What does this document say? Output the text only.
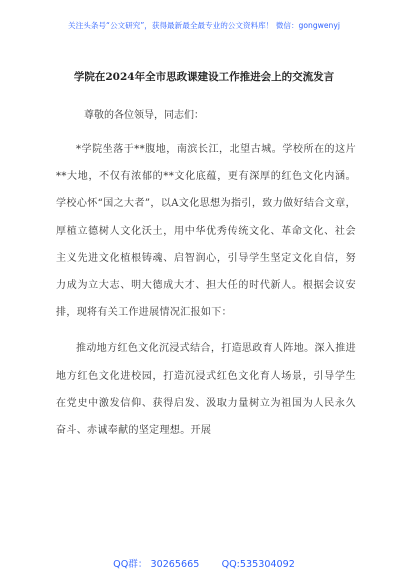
关注头条号“公文研究”，获得最新最全最专业的公文资料库！ 微信：gongwenyj
学院在2024年全市思政课建设工作推进会上的交流发言
尊敬的各位领导，同志们：

*学院坐落于**腹地，南滨长江，北望古城。学校所在的这片**大地，不仅有浓郁的**文化底蕴，更有深厚的红色文化内涵。学校心怀“国之大者”，以A文化思想为指引，致力做好结合文章，厚植立德树人文化沃土，用中华优秀传统文化、革命文化、社会主义先进文化植根铸魂、启智润心，引导学生坚定文化自信，努力成为立大志、明大德成大才、担大任的时代新人。根据会议安排，现将有关工作进展情况汇报如下：

推动地方红色文化沉浸式结合，打造思政育人阵地。深入推进地方红色文化进校园，打造沉浸式红色文化育人场景，引导学生在党史中激发信仰、获得启发、汲取力量树立为祖国为人民永久奋斗、赤诚奉献的坚定理想。开展

QQ群： 30265665　　 QQ:535304092
